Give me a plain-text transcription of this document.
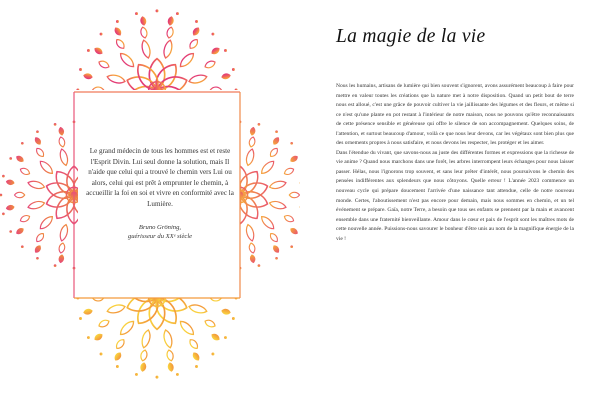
Le grand médecin de tous les hommes est et reste l'Esprit Divin. Lui seul donne la solution, mais Il n'aide que celui qui a trouvé le chemin vers Lui ou alors, celui qui est prêt à emprunter le chemin, à accueillir la foi en soi et vivre en conformité avec la Lumière.

Bruno Gröning,

guérisseur du XXᵉ siècle

La magie de la vie

Nous les humains, artisans de lumière qui bien souvent s'ignorent, avons assurément beaucoup à faire pour mettre en valeur toutes les créations que la nature met à notre disposition. Quand un petit bout de terre nous est alloué, c'est une grâce de pouvoir cultiver la vie jaillissante des légumes et des fleurs, et même si ce n'est qu'une plante en pot restant à l'intérieur de notre maison, nous ne pouvons qu'être reconnaissants de cette présence sensible et généreuse qui offre le silence de son accompagnement. Quelques soins, de l'attention, et surtout beaucoup d'amour, voilà ce que nous leur devons, car les végétaux sont bien plus que des ornements propres à nous satisfaire, et nous devons les respecter, les protéger et les aimer.

Dans l'étendue du vivant, que savons-nous au juste des différentes formes et expressions que la richesse de vie anime ? Quand nous marchons dans une forêt, les arbres interrompent leurs échanges pour nous laisser passer. Hélas, nous l'ignorons trop souvent, et sans leur prêter d'intérêt, nous poursuivons le chemin des pensées indifférentes aux splendeurs que nous côtoyons. Quelle erreur ! L'année 2023 commence un nouveau cycle qui prépare doucement l'arrivée d'une naissance tant attendue, celle de notre nouveau monde. Certes, l'aboutissement n'est pas encore pour demain, mais nous sommes en chemin, et un tel événement se prépare. Gaïa, notre Terre, a besoin que tous ses enfants se prennent par la main et avancent ensemble dans une fraternité bienveillante. Amour dans le cœur et paix de l'esprit sont les maîtres mots de cette nouvelle année. Puissions-nous savourer le bonheur d'être unis au nom de la magnifique énergie de la vie !
